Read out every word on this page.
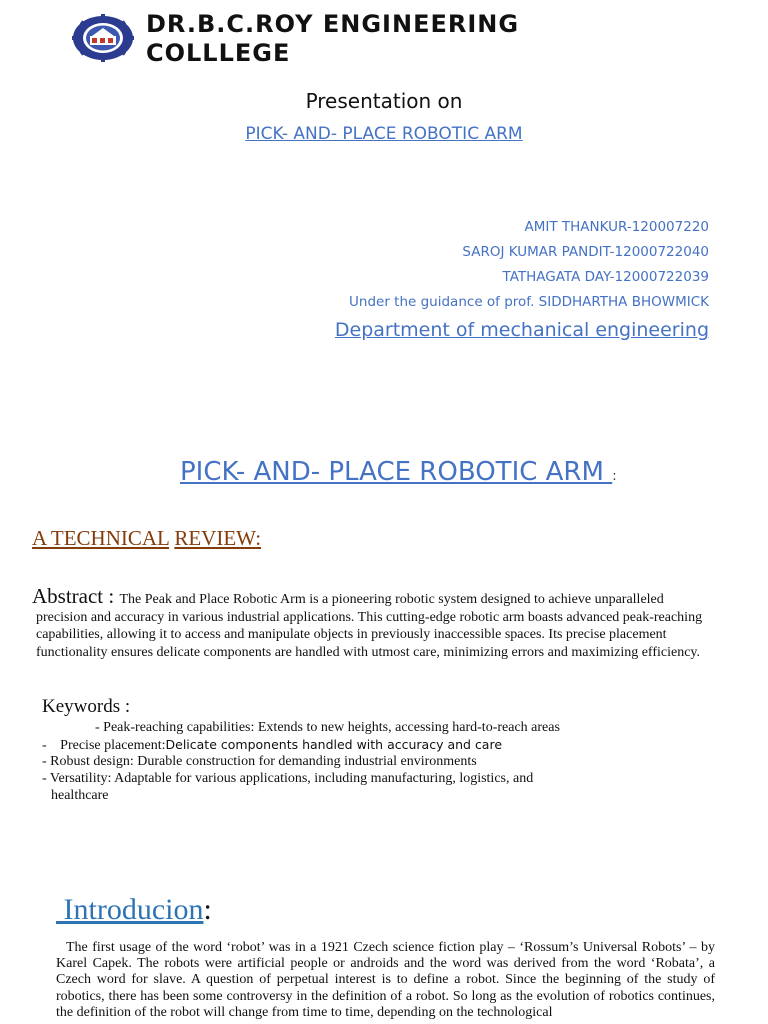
DR.B.C.ROY ENGINEERING
COLLLEGE
Presentation on
PICK- AND- PLACE ROBOTIC ARM
AMIT THANKUR-120007220
SAROJ KUMAR PANDIT-12000722040
TATHAGATA DAY-12000722039
Under the guidance of prof. SIDDHARTHA BHOWMICK
Department of mechanical engineering
PICK- AND- PLACE ROBOTIC ARM :
A TECHNICAL REVIEW:

Abstract : The Peak and Place Robotic Arm is a pioneering robotic system designed to achieve unparalleled

precision and accuracy in various industrial applications. This cutting-edge robotic arm boasts advanced peak-reaching

capabilities, allowing it to access and manipulate objects in previously inaccessible spaces. Its precise placement

functionality ensures delicate components are handled with utmost care, minimizing errors and maximizing efficiency.

Keywords :
- Peak-reaching capabilities: Extends to new heights, accessing hard-to-reach areas
- Precise placement:Delicate components handled with accuracy and care
- Robust design: Durable construction for demanding industrial environments
- Versatility: Adaptable for various applications, including manufacturing, logistics, and
healthcare
Introducion:

The first usage of the word ‘robot’ was in a 1921 Czech science fiction play – ‘Rossum’s Universal Robots’ – by Karel Capek. The robots were artificial people or androids and the word was derived from the word ‘Robata’, a Czech word for slave. A question of perpetual interest is to define a robot. Since the beginning of the study of robotics, there has been some controversy in the definition of a robot. So long as the evolution of robotics continues, the definition of the robot will change from time to time, depending on the technological
